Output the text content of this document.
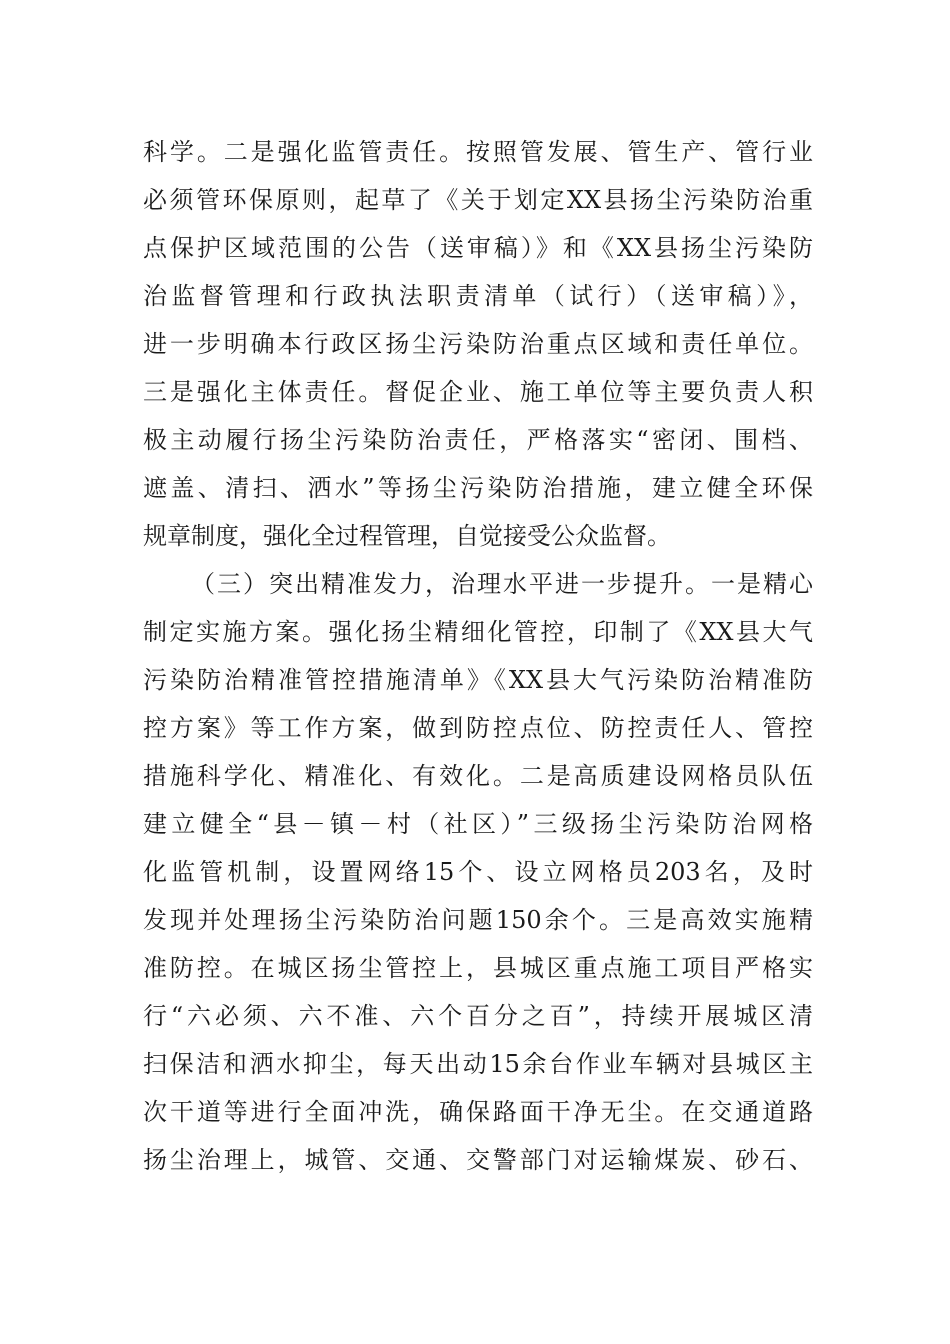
科学。二是强化监管责任。按照管发展、管生产、管行业
必须管环保原则，起草了《关于划定XX县扬尘污染防治重
点保护区域范围的公告（送审稿）》和《XX县扬尘污染防
治监督管理和行政执法职责清单（试行）（送审稿）》，
进一步明确本行政区扬尘污染防治重点区域和责任单位。
三是强化主体责任。督促企业、施工单位等主要负责人积
极主动履行扬尘污染防治责任，严格落实“密闭、围档、
遮盖、清扫、洒水”等扬尘污染防治措施，建立健全环保
规章制度，强化全过程管理，自觉接受公众监督。
（三）突出精准发力，治理水平进一步提升。一是精心
制定实施方案。强化扬尘精细化管控，印制了《XX县大气
污染防治精准管控措施清单》《XX县大气污染防治精准防
控方案》等工作方案，做到防控点位、防控责任人、管控
措施科学化、精准化、有效化。二是高质建设网格员队伍
建立健全“县－镇－村（社区）”三级扬尘污染防治网格
化监管机制，设置网络15个、设立网格员203名，及时
发现并处理扬尘污染防治问题150余个。三是高效实施精
准防控。在城区扬尘管控上，县城区重点施工项目严格实
行“六必须、六不准、六个百分之百”，持续开展城区清
扫保洁和洒水抑尘，每天出动15余台作业车辆对县城区主
次干道等进行全面冲洗，确保路面干净无尘。在交通道路
扬尘治理上，城管、交通、交警部门对运输煤炭、砂石、
